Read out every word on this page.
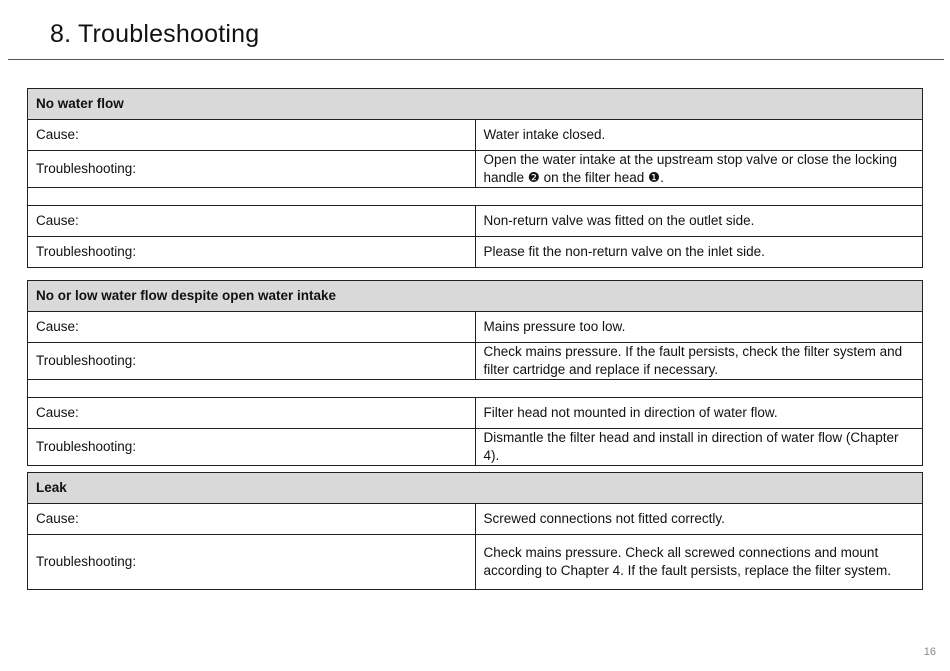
8. Troubleshooting
No water flow	
Cause:	Water intake closed.
Troubleshooting:	Open the water intake at the upstream stop valve or close the locking handle ❷ on the filter head ❶.

Cause:	Non-return valve was fitted on the outlet side.
Troubleshooting:	Please fit the non-return valve on the inlet side.
No or low water flow despite open water intake	
Cause:	Mains pressure too low.
Troubleshooting:	Check mains pressure. If the fault persists, check the filter system and filter cartridge and replace if necessary.

Cause:	Filter head not mounted in direction of water flow.
Troubleshooting:	Dismantle the filter head and install in direction of water flow (Chapter 4).
Leak	
Cause:	Screwed connections not fitted correctly.
Troubleshooting:	Check mains pressure. Check all screwed connections and mount according to Chapter 4. If the fault persists, replace the filter system.
16
